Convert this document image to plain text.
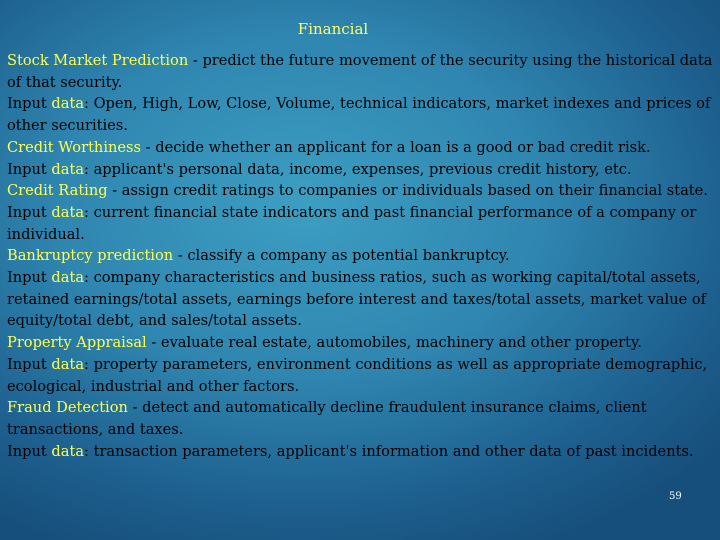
Financial

Stock Market Prediction - predict the future movement of the security using the historical data of that security.

Input data: Open, High, Low, Close, Volume, technical indicators, market indexes and prices of other securities.

Credit Worthiness - decide whether an applicant for a loan is a good or bad credit risk.

Input data: applicant's personal data, income, expenses, previous credit history, etc.

Credit Rating - assign credit ratings to companies or individuals based on their financial state.

Input data: current financial state indicators and past financial performance of a company or individual.

Bankruptcy prediction - classify a company as potential bankruptcy.

Input data: company characteristics and business ratios, such as working capital/total assets, retained earnings/total assets, earnings before interest and taxes/total assets, market value of equity/total debt, and sales/total assets.

Property Appraisal - evaluate real estate, automobiles, machinery and other property.

Input data: property parameters, environment conditions as well as appropriate demographic, ecological, industrial and other factors.

Fraud Detection - detect and automatically decline fraudulent insurance claims, client transactions, and taxes.

Input data: transaction parameters, applicant's information and other data of past incidents.

59
